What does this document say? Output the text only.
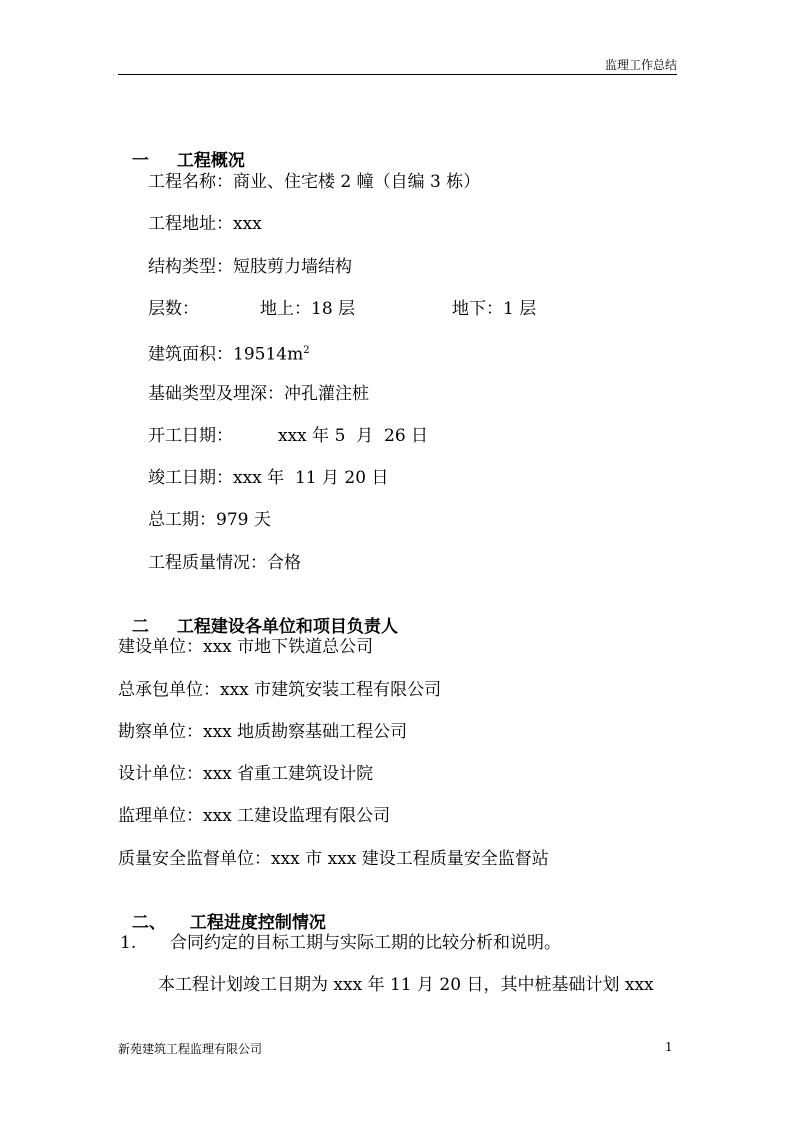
监理工作总结

一 工程概况

工程名称：商业、住宅楼 2 幢（自编 3 栋）
工程地址：xxx
结构类型：短肢剪力墙结构
层数：	地上：18 层	地下：1 层
建筑面积：$19514m^2$
基础类型及埋深：冲孔灌注桩
开工日期：	xxx 年 5  月  26 日
竣工日期：xxx 年  11 月 20 日
总工期：979 天
工程质量情况：合格

二 工程建设各单位和项目负责人

建设单位：xxx 市地下铁道总公司
总承包单位：xxx 市建筑安装工程有限公司
勘察单位：xxx 地质勘察基础工程公司
设计单位：xxx 省重工建筑设计院
监理单位：xxx 工建设监理有限公司
质量安全监督单位：xxx 市 xxx 建设工程质量安全监督站

二、 工程进度控制情况

1. 合同约定的目标工期与实际工期的比较分析和说明。
本工程计划竣工日期为 xxx 年 11 月 20 日，其中桩基础计划 xxx
新苑建筑工程监理有限公司	1
